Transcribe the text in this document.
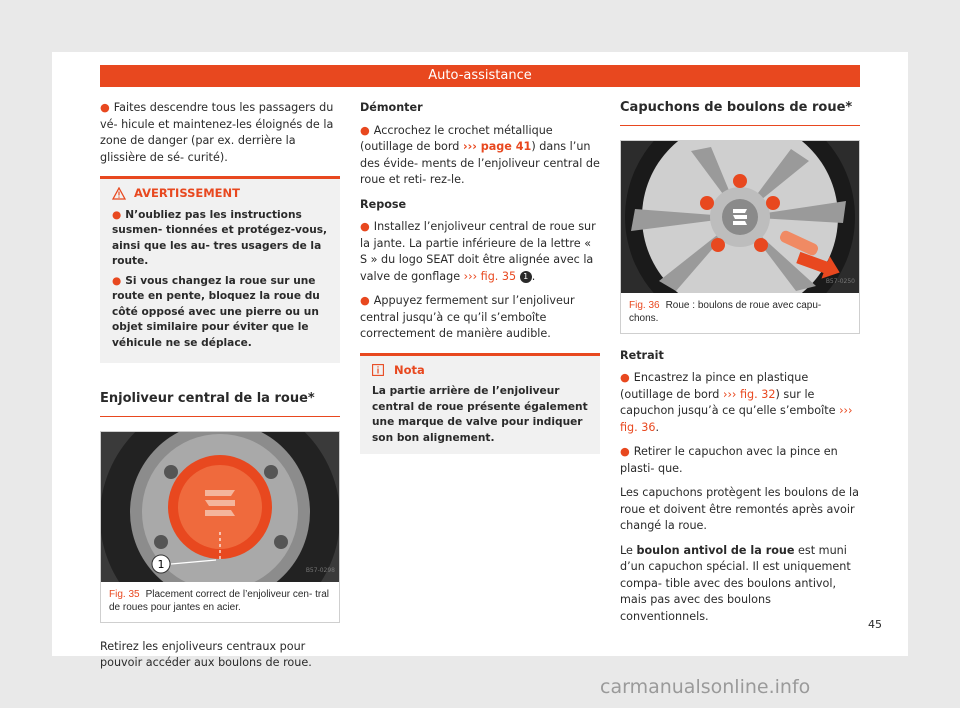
Auto-assistance

● Faites descendre tous les passagers du vé- hicule et maintenez-les éloignés de la zone de danger (par ex. derrière la glissière de sé- curité).

AVERTISSEMENT
● N’oubliez pas les instructions susmen- tionnées et protégez-vous, ainsi que les au- tres usagers de la route.
● Si vous changez la roue sur une route en pente, bloquez la roue du côté opposé avec une pierre ou un objet similaire pour éviter que le véhicule ne se déplace.
Enjoliveur central de la roue*
1	B57-0298
Fig. 35 Placement correct de l’enjoliveur cen- tral de roues pour jantes en acier.

Retirez les enjoliveurs centraux pour pouvoir accéder aux boulons de roue.

Démonter

● Accrochez le crochet métallique (outillage de bord ››› page 41) dans l’un des évide- ments de l’enjoliveur central de roue et reti- rez-le.

Repose

● Installez l’enjoliveur central de roue sur la jante. La partie inférieure de la lettre « S » du logo SEAT doit être alignée avec la valve de gonflage ››› fig. 35 1 .

● Appuyez fermement sur l’enjoliveur central jusqu’à ce qu’il s’emboîte correctement de manière audible.

Nota
La partie arrière de l’enjoliveur central de roue présente également une marque de valve pour indiquer son bon alignement.
Capuchons de boulons de roue*
B57-0250
Fig. 36 Roue : boulons de roue avec capu- chons.
Retrait

● Encastrez la pince en plastique (outillage de bord ››› fig. 32) sur le capuchon jusqu’à ce qu’elle s’emboîte ››› fig. 36.

● Retirer le capuchon avec la pince en plasti- que.

Les capuchons protègent les boulons de la roue et doivent être remontés après avoir changé la roue.

Le boulon antivol de la roue est muni d’un capuchon spécial. Il est uniquement compa- tible avec des boulons antivol, mais pas avec des boulons conventionnels.

45
carmanualsonline.info
